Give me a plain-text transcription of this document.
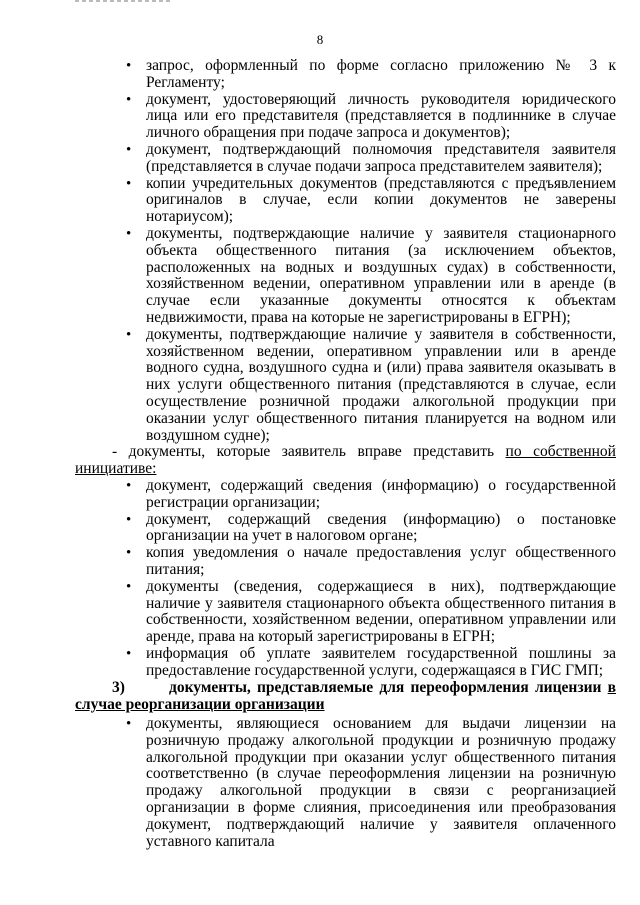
8
• запрос, оформленный по форме согласно приложению № 3 к Регламенту;
• документ, удостоверяющий личность руководителя юридического лица или его представителя (представляется в подлиннике в случае личного обращения при подаче запроса и документов);
• документ, подтверждающий полномочия представителя заявителя (представляется в случае подачи запроса представителем заявителя);
• копии учредительных документов (представляются с предъявлением оригиналов в случае, если копии документов не заверены нотариусом);
• документы, подтверждающие наличие у заявителя стационарного объекта общественного питания (за исключением объектов, расположенных на водных и воздушных судах) в собственности, хозяйственном ведении, оперативном управлении или в аренде (в случае если указанные документы относятся к объектам недвижимости, права на которые не зарегистрированы в ЕГРН);
• документы, подтверждающие наличие у заявителя в собственности, хозяйственном ведении, оперативном управлении или в аренде водного судна, воздушного судна и (или) права заявителя оказывать в них услуги общественного питания (представляются в случае, если осуществление розничной продажи алкогольной продукции при оказании услуг общественного питания планируется на водном или воздушном судне);
- документы, которые заявитель вправе представить по собственной инициативе:
• документ, содержащий сведения (информацию) о государственной регистрации организации;
• документ, содержащий сведения (информацию) о постановке организации на учет в налоговом органе;
• копия уведомления о начале предоставления услуг общественного питания;
• документы (сведения, содержащиеся в них), подтверждающие наличие у заявителя стационарного объекта общественного питания в собственности, хозяйственном ведении, оперативном управлении или аренде, права на который зарегистрированы в ЕГРН;
• информация об уплате заявителем государственной пошлины за предоставление государственной услуги, содержащаяся в ГИС ГМП;
3)	документы, представляемые для переоформления лицензии в случае реорганизации организации
• документы, являющиеся основанием для выдачи лицензии на розничную продажу алкогольной продукции и розничную продажу алкогольной продукции при оказании услуг общественного питания соответственно (в случае переоформления лицензии на розничную продажу алкогольной продукции в связи с реорганизацией организации в форме слияния, присоединения или преобразования документ, подтверждающий наличие у заявителя оплаченного уставного капитала
